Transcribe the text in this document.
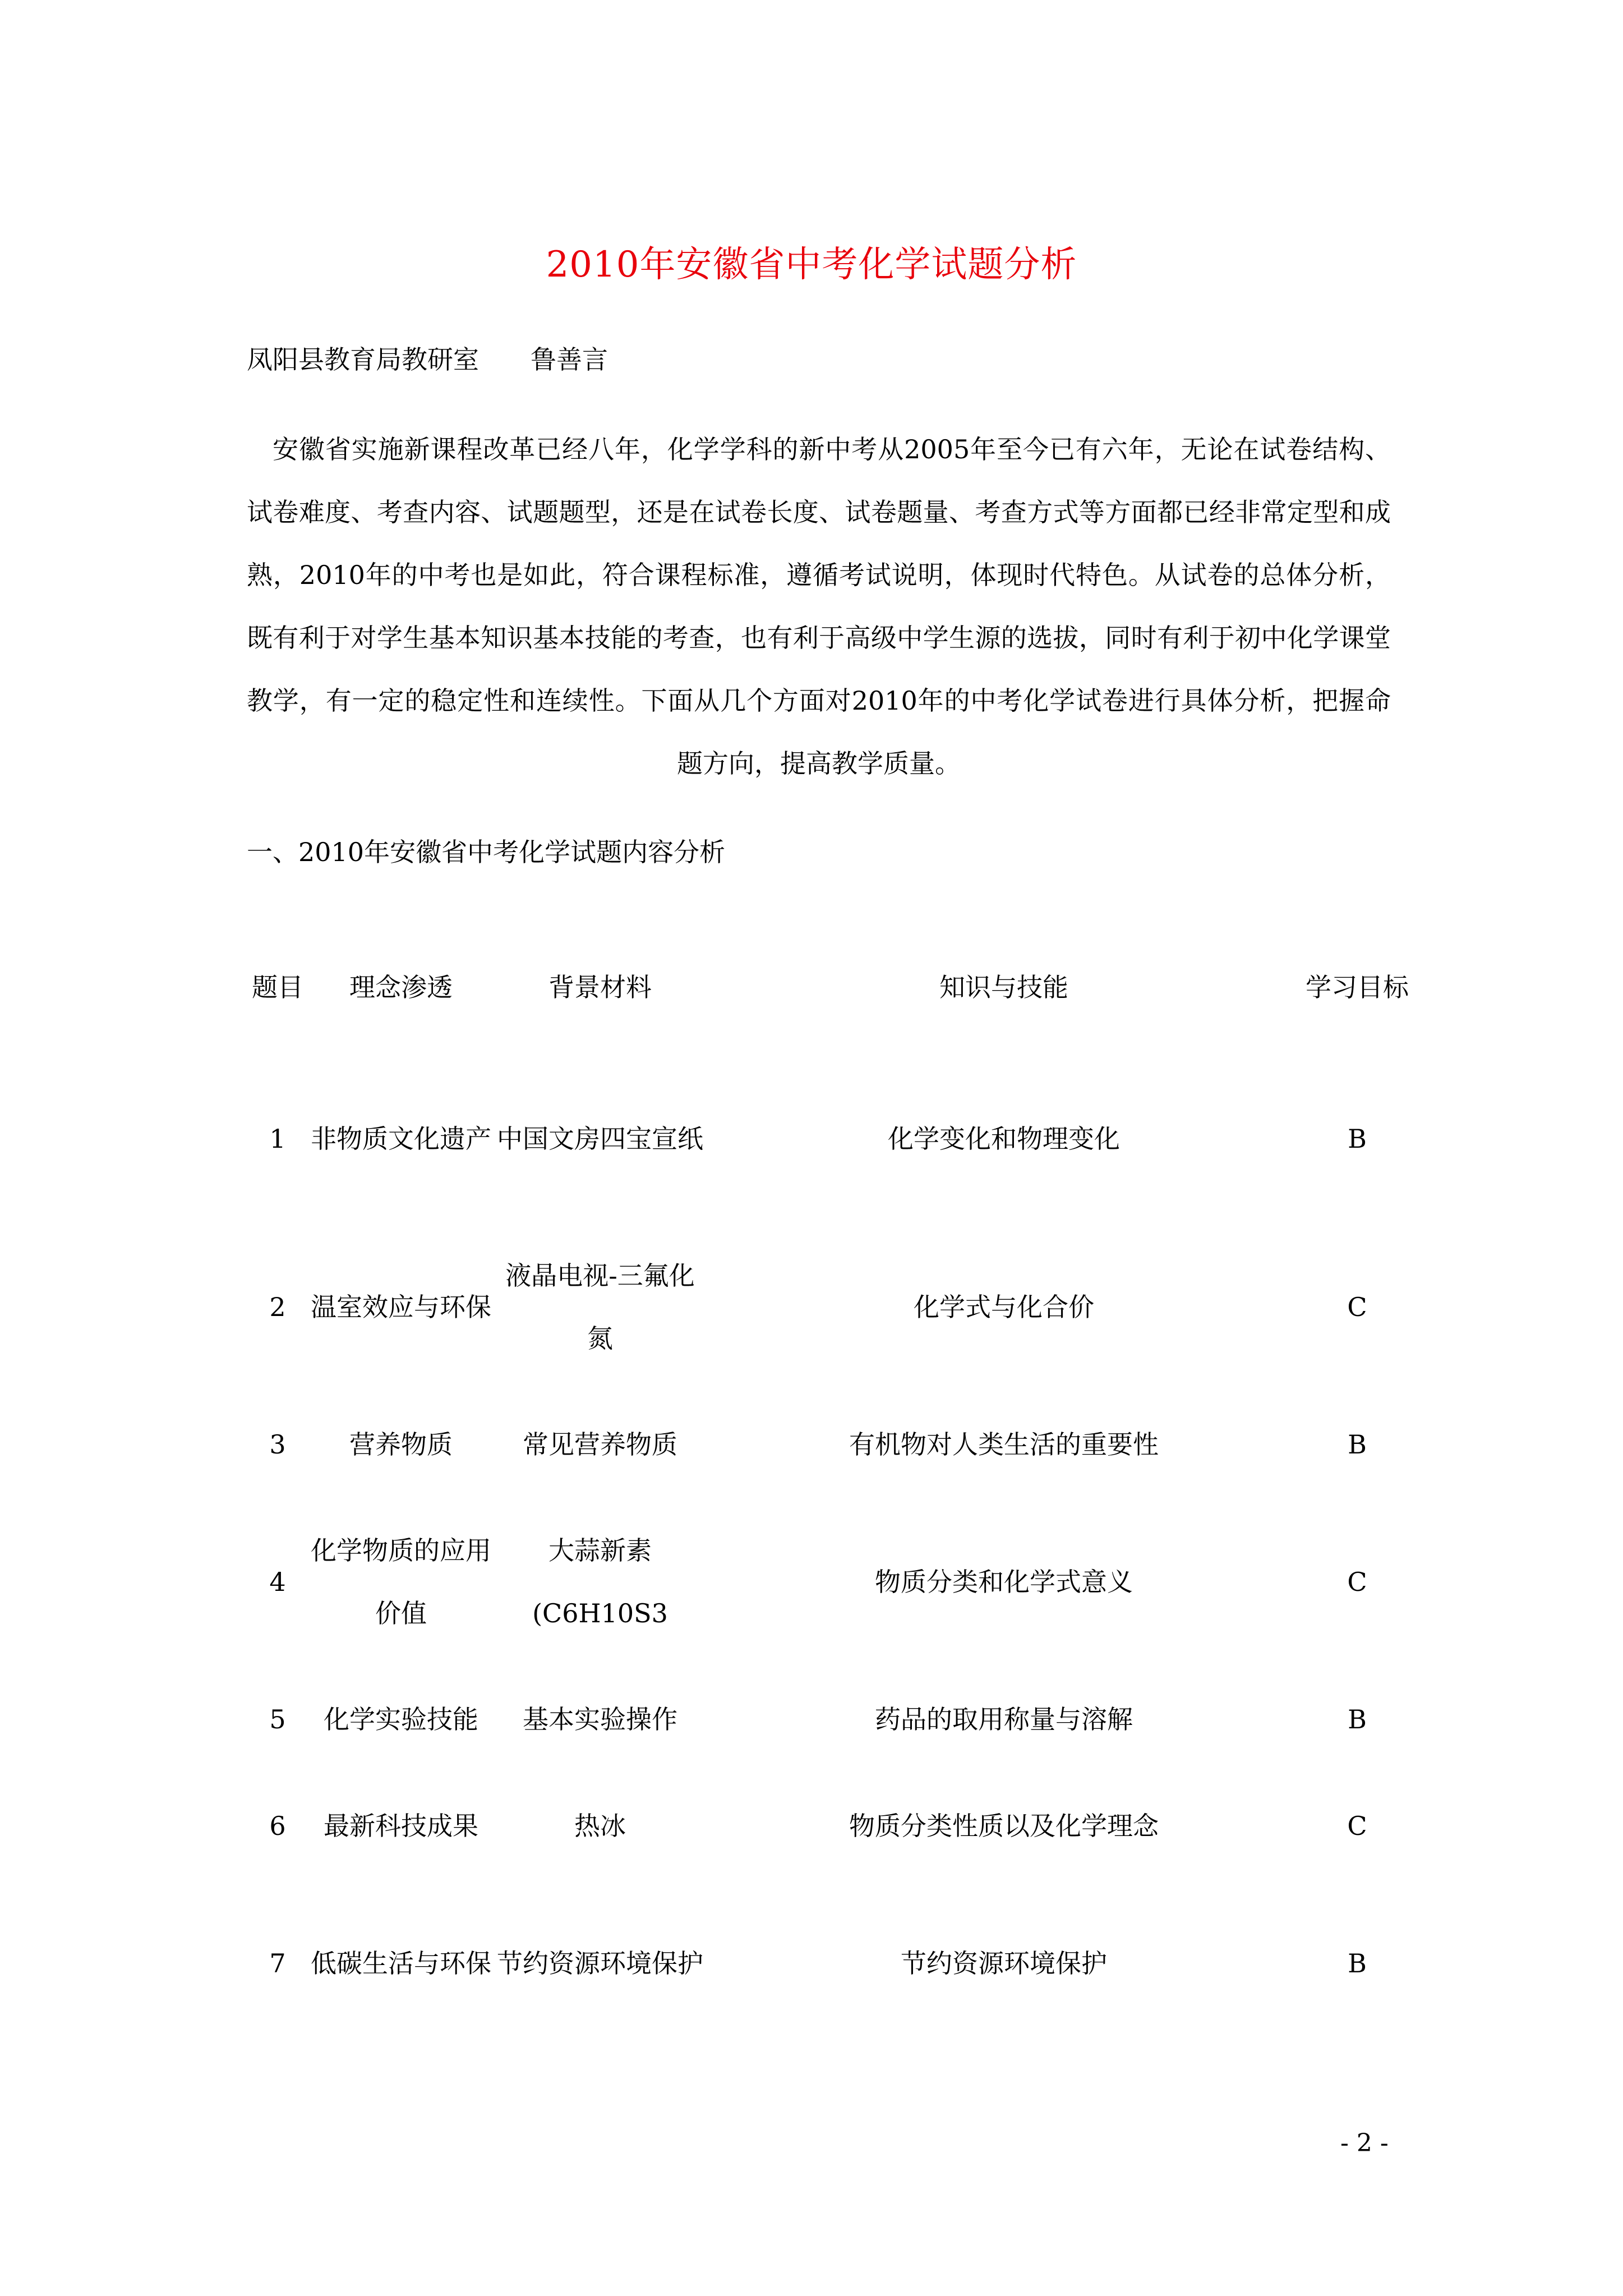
2010年安徽省中考化学试题分析
凤阳县教育局教研室　　鲁善言

安徽省实施新课程改革已经八年，化学学科的新中考从2005年至今已有六年，无论在试卷结构、试卷难度、考查内容、试题题型，还是在试卷长度、试卷题量、考查方式等方面都已经非常定型和成熟，2010年的中考也是如此，符合课程标准，遵循考试说明，体现时代特色。从试卷的总体分析，既有利于对学生基本知识基本技能的考查，也有利于高级中学生源的选拔，同时有利于初中化学课堂教学，有一定的稳定性和连续性。下面从几个方面对2010年的中考化学试卷进行具体分析，把握命题方向，提高教学质量。

一、2010年安徽省中考化学试题内容分析
题目	理念渗透	背景材料	知识与技能	学习目标
1	非物质文化遗产	中国文房四宝宣纸	化学变化和物理变化	B
2	温室效应与环保	液晶电视-三氟化氮	化学式与化合价	C
3	营养物质	常见营养物质	有机物对人类生活的重要性	B
4	化学物质的应用价值	大蒜新素(C6H10S3	物质分类和化学式意义	C
5	化学实验技能	基本实验操作	药品的取用称量与溶解	B
6	最新科技成果	热冰	物质分类性质以及化学理念	C
7	低碳生活与环保	节约资源环境保护	节约资源环境保护	B
- 2 -
